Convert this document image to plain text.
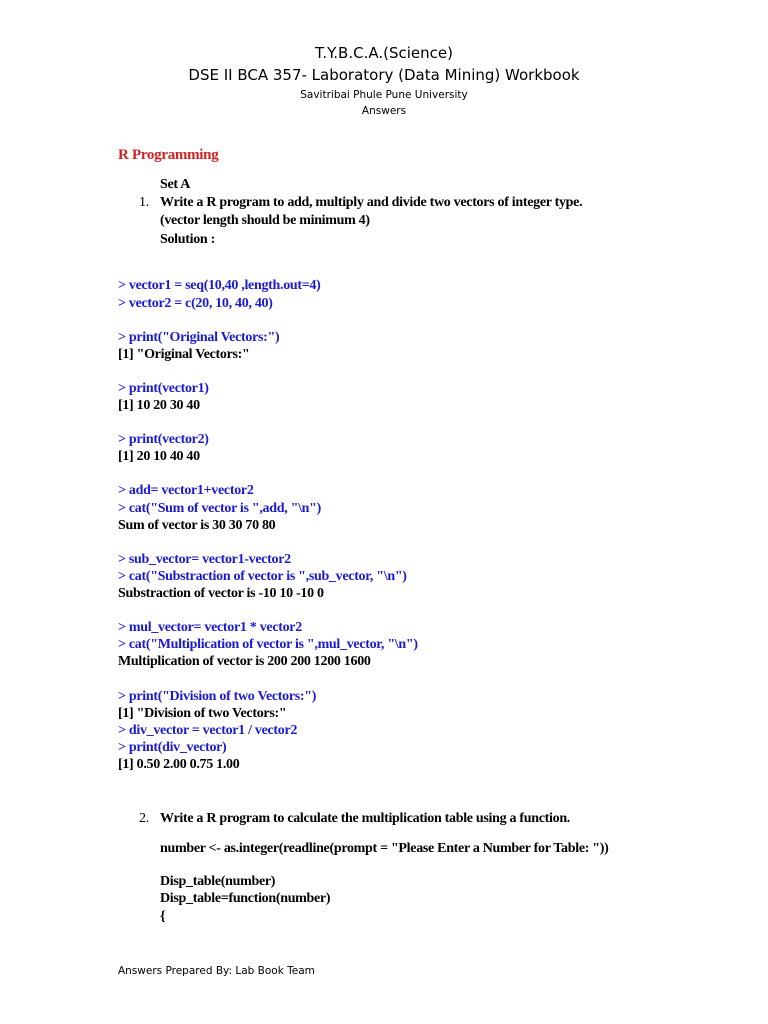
T.Y.B.C.A.(Science)
DSE II BCA 357- Laboratory (Data Mining) Workbook
Savitribai Phule Pune University
Answers
R Programming
Set A
1. Write a R program to add, multiply and divide two vectors of integer type.
(vector length should be minimum 4)
Solution :
> vector1 = seq(10,40 ,length.out=4)
> vector2 = c(20, 10, 40, 40)
> print("Original Vectors:")
[1] "Original Vectors:"
> print(vector1)
[1] 10 20 30 40
> print(vector2)
[1] 20 10 40 40
> add= vector1+vector2
> cat("Sum of vector is ",add, "\n")
Sum of vector is 30 30 70 80
> sub_vector= vector1-vector2
> cat("Substraction of vector is ",sub_vector, "\n")
Substraction of vector is -10 10 -10 0
> mul_vector= vector1 * vector2
> cat("Multiplication of vector is ",mul_vector, "\n")
Multiplication of vector is 200 200 1200 1600
> print("Division of two Vectors:")
[1] "Division of two Vectors:"
> div_vector = vector1 / vector2
> print(div_vector)
[1] 0.50 2.00 0.75 1.00
2. Write a R program to calculate the multiplication table using a function.
number <- as.integer(readline(prompt = "Please Enter a Number for Table: "))
Disp_table(number)
Disp_table=function(number)
{
Answers Prepared By: Lab Book Team
